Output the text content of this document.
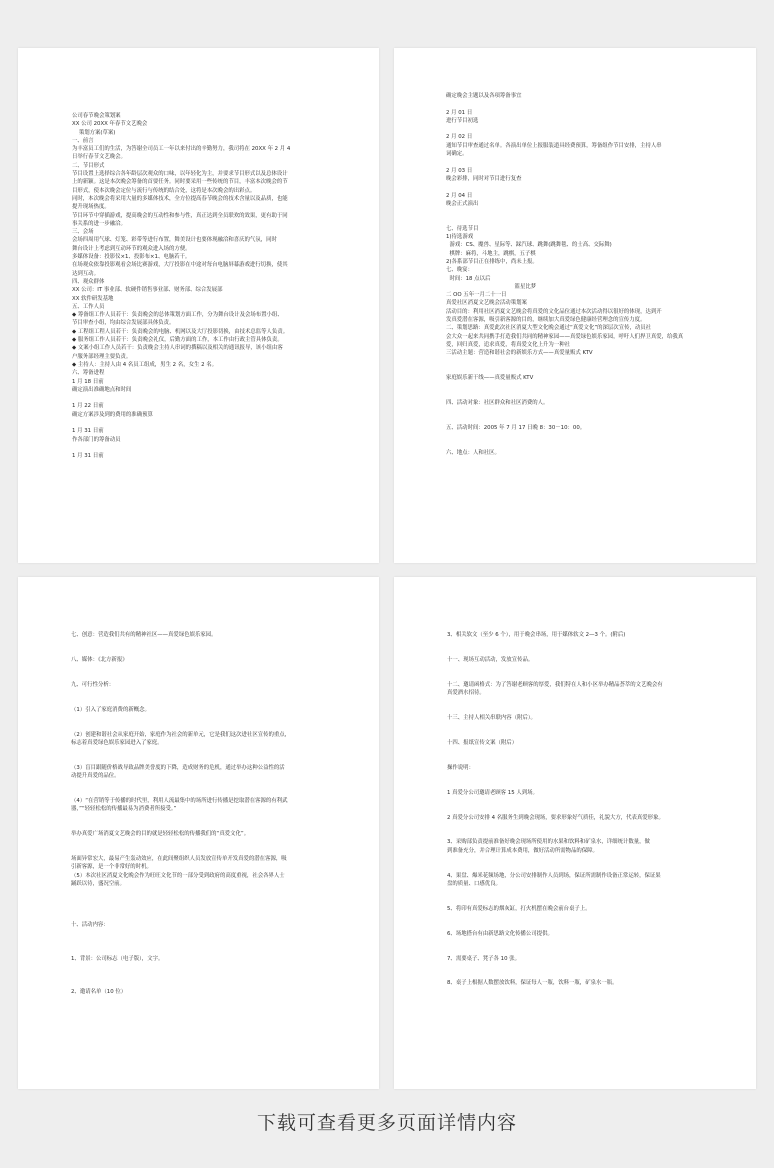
公司春节晚会策划案
XX 公司 20XX 年春节文艺晚会
策划方案(草案)
一、前言
为丰富员工们的生活，为答谢全司员工一年以来付出的辛勤努力，我司将在 20XX 年 2 月 4
日举行春节文艺晚会。
二、节目形式
节目设置上选择综合各年龄层次观众的口味，以年轻化为主，并要求节目形式以及总体设计
上的新颖。这是本次晚会筹备的首要任务。同时要采用一些传统的节目，丰富本次晚会的节
目形式，使本次晚会定位与流行与传统的结合处，这将是本次晚会的出彩点。
同时，本次晚会将采用大量的多媒体技术，全方位提高春节晚会的技术含量以及品质，也能
提升现场热度。
节目环节中穿插游戏，提高晚会的互动性和参与性，真正达到全员联欢的效果，更有助于同
事关系的进一步融洽。
三、会场
会场四周用气球、灯笼、彩带等进行布置，舞美设计也要体现融洽和喜庆的气氛，同时
舞台设计上考虑到互动环节的观众进入场的方便。
多媒体设备：投影仪×1、投影布×1、电脑若干。
在场观众依靠投影观看会场比赛游戏，大厅投影在中途对每台电脑屏幕游戏进行切换，使其
达到互动。
四、观众群体
XX 公司：IT 事业部、软硬件销售事业部、财务部、综合发展部
XX 软件研发基地
五、工作人员
◆ 筹备组工作人员若干：负责晚会的总体策划方面工作，分为舞台设计及会场布置小组、
节目审查小组，均由综合发展部具体负责。
◆ 工程组工程人员若干：负责晚会的电脑、机网以及大厅投影切换，由技术总监等人负责。
◆ 服务组工作人员若干：负责晚会礼仪，后勤方面的工作，本工作由行政主管具体负责。
◆ 文案小组工作人员若干：负责晚会主持人串词的撰稿以及相关的通讯报导，该小组由客
户服务部经理主要负责。
◆ 主持人：主持人由 4 名员工组成，男生 2 名，女生 2 名。
六、筹备进程
1 月 18 日前
确定演出准确地点和时间
1 月 22 日前
确定方案涉及到的费用的准确预算
1 月 31 日前
作各部门的筹备动员
1 月 31 日前
确定晚会主题以及各项筹备事宜
2 月 01 日
进行节目初选
2 月 02 日
通知节目审查通过名单。各演出单位上报服装道具经费预算，筹备组作节目安排，主持人串
词确定。
2 月 03 日
晚会彩排，同时对节目进行复查
2 月 04 日
晚会正式演出
七、待选节目
1)待选游戏
游戏：CS、魔兽、星际等、踩汽球、跳舞(跳舞毯、的士高、交际舞)
棋牌：麻将，斗地主，跳棋，五子棋
2)各系部节目正在排练中，尚未上报。
七、晚宴：
时间：18 点以后
篮星比梦
二 OO 五年一月二十一日
真爱社区消夏文艺晚会活动策划案
活动目的：利用社区消夏文艺晚会将真爱的文化品位通过本次活动得以很好的体现，达到开
发真爱潜在客源，吸引新客源的目的，继续加大真爱绿色健康经营理念的宣传力度。
二、策划思路：真爱此次社区消夏大型文化晚会通过“真爱文化”的深层次宣传，动员社
会大众一起来共同携手打造我们共同的精神家园——真爱绿色娱乐家园，呼吁人们捍卫真爱，给我真
爱，回归真爱，追求真爱，将真爱文化上升为一种社
三活动主题：营造和谐社会的新娱乐方式——真爱量贩式 KTV
家庭娱乐新干线——真爱量贩式 KTV
四、活动对象：社区群众和社区消费的人。
五、活动时间：2005 年 7 月 17 日晚 8：30－10：00。
六、地点：人和社区。
七、创意：营造我们共有的精神社区——真爱绿色娱乐家园。
八、媒体：《北方新报》
九、可行性分析：
（1）引入了家庭消费的新概念。
（2）创建和谐社会从家庭开始，家庭作为社会的新单元，它是我们这次进社区宣传的重点，
标志着真爱绿色娱乐家园进入了家庭。
（3）盲目跟随价格战导致品牌美誉度的下降，造成财务的危机，通过举办这种公益性的活
动提升真爱的品位。
（4）“在营销等于传播的时代里，利用人流最集中的场所进行传播是挖取潜在客源的有利武
器，”“轻轻松松的传播最易为消费者所接受。”
举办真爱广场消夏文艺晚会的目的就是轻轻松松的传播我们的“真爱文化”。
场面异常宏大，最易产生轰动效应，在此间聚组织人员发放宣传单开发真爱的潜在客源，吸
引新客源，是一个非常好的时机。
（5）本次社区消夏文化晚会作为旺旺文化节的一部分受到政府的高度重视，社会各界人士
踊跃以待，盛况空前。
十、活动内容：
1、背景：公司标志（电子版），文字。
2、邀请名单（10 位）
3、相关软文（至少 6 个），用于晚会串场，用于媒体软文 2—3 个。(附后)
十一、现场互动活动，发放宣传品。
十二、邀请函格式：为了答谢老顾客的厚爱，我们特在人和小区举办精品荟萃的文艺晚会有
真爱酒水招待。
十三、主持人相关串联内容（附后）。
十四、报纸宣传文案（附后）
操作说明：
1 真爱分公司邀请老顾客 15 人到场。
2 真爱分公司安排 4 名服务生到晚会现场，要求形象好气质佳，礼貌大方，代表真爱形象。
3、采购部负责提前准备好晚会现场所使用的水果和饮料和矿泉水，详细统计数量，做
到准备充分，并合理计算成本费用，做好活动所需物品的保障。
4、果盘、爆米花频场地，分公司安排制作人员到场，保证所需制作设备正常运转，保证果
盘的质量、口感优良。
5、将印有真爱标志的烟灰缸，打火机摆在晚会前台桌子上。
6、场地搭台有由新思路文化传播公司提供。
7、需要桌子、凳子各 10 张。
8、桌子上根据人数摆放饮料，保证每人一瓶，饮料一瓶，矿泉水一瓶。
下载可查看更多页面详情内容
